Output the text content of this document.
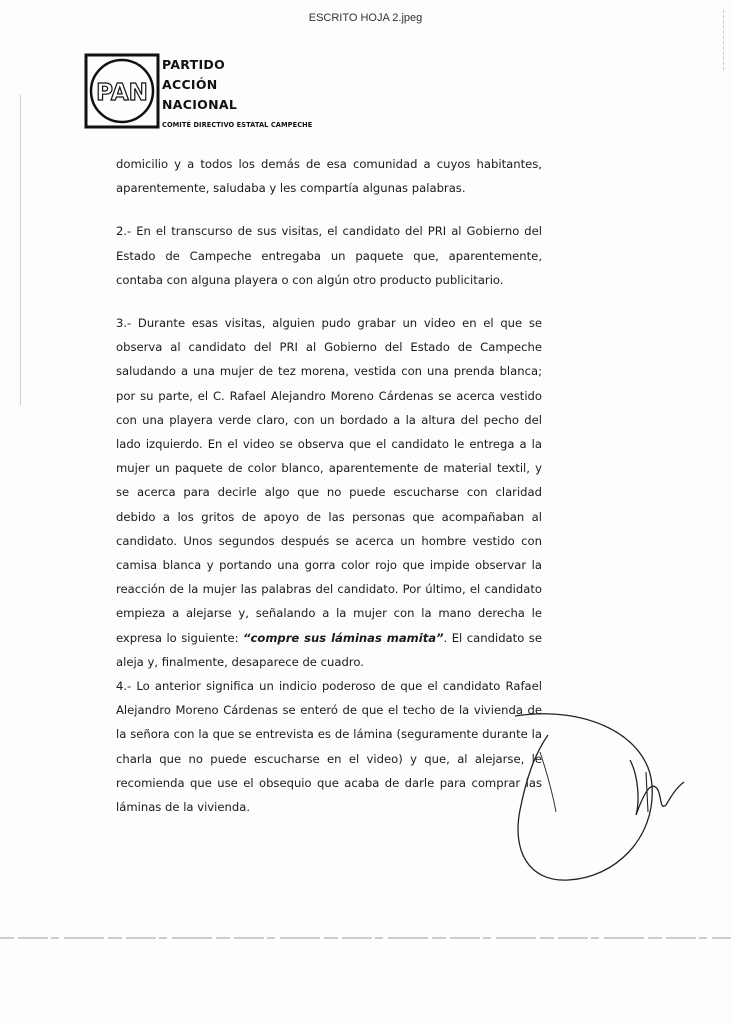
ESCRITO HOJA 2.jpeg
PAN
PARTIDO
ACCIÓN
NACIONAL
COMITÉ DIRECTIVO ESTATAL CAMPECHE

domicilio y a todos los demás de esa comunidad a cuyos habitantes, aparentemente, saludaba y les compartía algunas palabras.

2.- En el transcurso de sus visitas, el candidato del PRI al Gobierno del Estado de Campeche entregaba un paquete que, aparentemente, contaba con alguna playera o con algún otro producto publicitario.

3.- Durante esas visitas, alguien pudo grabar un video en el que se observa al candidato del PRI al Gobierno del Estado de Campeche saludando a una mujer de tez morena, vestida con una prenda blanca; por su parte, el C. Rafael Alejandro Moreno Cárdenas se acerca vestido con una playera verde claro, con un bordado a la altura del pecho del lado izquierdo. En el video se observa que el candidato le entrega a la mujer un paquete de color blanco, aparentemente de material textil, y se acerca para decirle algo que no puede escucharse con claridad debido a los gritos de apoyo de las personas que acompañaban al candidato. Unos segundos después se acerca un hombre vestido con camisa blanca y portando una gorra color rojo que impide observar la reacción de la mujer las palabras del candidato. Por último, el candidato empieza a alejarse y, señalando a la mujer con la mano derecha le expresa lo siguiente: “compre sus láminas mamita”. El candidato se aleja y, finalmente, desaparece de cuadro.

4.- Lo anterior significa un indicio poderoso de que el candidato Rafael Alejandro Moreno Cárdenas se enteró de que el techo de la vivienda de la señora con la que se entrevista es de lámina (seguramente durante la charla que no puede escucharse en el video) y que, al alejarse, le recomienda que use el obsequio que acaba de darle para comprar las láminas de la vivienda.
